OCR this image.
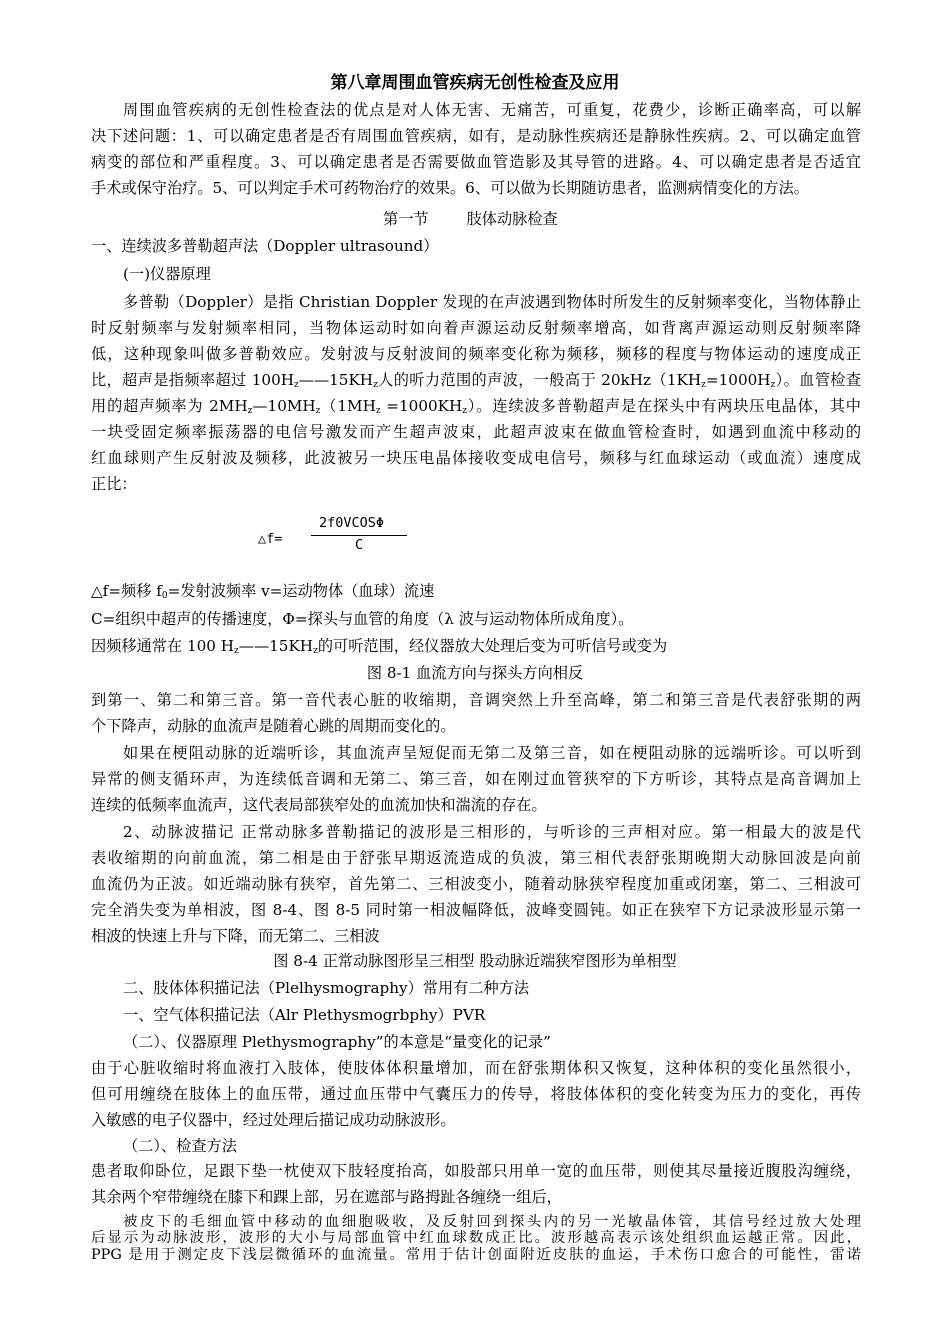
第八章周围血管疾病无创性检查及应用
周围血管疾病的无创性检查法的优点是对人体无害、无痛苦，可重复，花费少，诊断正确率高，可以解
决下述问题：1、可以确定患者是否有周围血管疾病，如有，是动脉性疾病还是静脉性疾病。2、可以确定血管
病变的部位和严重程度。3、可以确定患者是否需要做血管造影及其导管的进路。4、可以确定患者是否适宜
手术或保守治疗。5、可以判定手术可药物治疗的效果。6、可以做为长期随访患者，监测病情变化的方法。
第一节	肢体动脉检查
一、连续波多普勒超声法（Doppler ultrasound）
(一)仪器原理
多普勒（Doppler）是指 Christian Doppler 发现的在声波遇到物体时所发生的反射频率变化，当物体静止
时反射频率与发射频率相同，当物体运动时如向着声源运动反射频率增高，如背离声源运动则反射频率降
低，这种现象叫做多普勒效应。发射波与反射波间的频率变化称为频移，频移的程度与物体运动的速度成正
比，超声是指频率超过 $100H_z——15KH_z$人的听力范围的声波，一般高于 $20kHz(1KH_z=1000H_z)$。血管检查
用的超声频率为 $2MH_z—10MH_z(1MH_z =1000KH_z)$。连续波多普勒超声是在探头中有两块压电晶体，其中
一块受固定频率振荡器的电信号激发而产生超声波束，此超声波束在做血管检查时，如遇到血流中移动的
红血球则产生反射波及频移，此波被另一块压电晶体接收变成电信号，频移与红血球运动（或血流）速度成
正比：
△f=
2f0VCOSΦ
C
△f=频移 $f_0=$发射波频率 v=运动物体（血球）流速
C=组织中超声的传播速度，Φ=探头与血管的角度（λ 波与运动物体所成角度）。
因频移通常在 100 $H_z——15KH_z$的可听范围，经仪器放大处理后变为可听信号或变为
图 8-1 血流方向与探头方向相反
到第一、第二和第三音。第一音代表心脏的收缩期，音调突然上升至高峰，第二和第三音是代表舒张期的两
个下降声，动脉的血流声是随着心跳的周期而变化的。
如果在梗阻动脉的近端听诊，其血流声呈短促而无第二及第三音，如在梗阻动脉的远端听诊。可以听到
异常的侧支循环声，为连续低音调和无第二、第三音，如在刚过血管狭窄的下方听诊，其特点是高音调加上
连续的低频率血流声，这代表局部狭窄处的血流加快和湍流的存在。
2、动脉波描记 正常动脉多普勒描记的波形是三相形的，与听诊的三声相对应。第一相最大的波是代
表收缩期的向前血流，第二相是由于舒张早期返流造成的负波，第三相代表舒张期晚期大动脉回波是向前
血流仍为正波。如近端动脉有狭窄，首先第二、三相波变小，随着动脉狭窄程度加重或闭塞，第二、三相波可
完全消失变为单相波，图 8-4、图 8-5 同时第一相波幅降低，波峰变圆钝。如正在狭窄下方记录波形显示第一
相波的快速上升与下降，而无第二、三相波
图 8-4 正常动脉图形呈三相型 股动脉近端狭窄图形为单相型
二、肢体体积描记法（Plelhysmography）常用有二种方法
一、空气体积描记法（Alr Plethysmogrbphy）PVR
（二）、仪器原理 Plethysmography”的本意是“量变化的记录”
由于心脏收缩时将血液打入肢体，使肢体体积量增加，而在舒张期体积又恢复，这种体积的变化虽然很小，
但可用缠绕在肢体上的血压带，通过血压带中气囊压力的传导，将肢体体积的变化转变为压力的变化，再传
入敏感的电子仪器中，经过处理后描记成功动脉波形。
（二）、检查方法
患者取仰卧位，足跟下垫一枕使双下肢轻度抬高，如股部只用单一宽的血压带，则使其尽量接近腹股沟缠绕，
其余两个窄带缠绕在膝下和踝上部，另在遮部与路拇趾各缠绕一组后，
被皮下的毛细血管中移动的血细胞吸收，及反射回到探头内的另一光敏晶体管，其信号经过放大处理
后显示为动脉波形，波形的大小与局部血管中红血球数成正比。波形越高表示该处组织血运越正常。因此，
PPG 是用于测定皮下浅层微循环的血流量。常用于估计创面附近皮肤的血运，手术伤口愈合的可能性，雷诺
